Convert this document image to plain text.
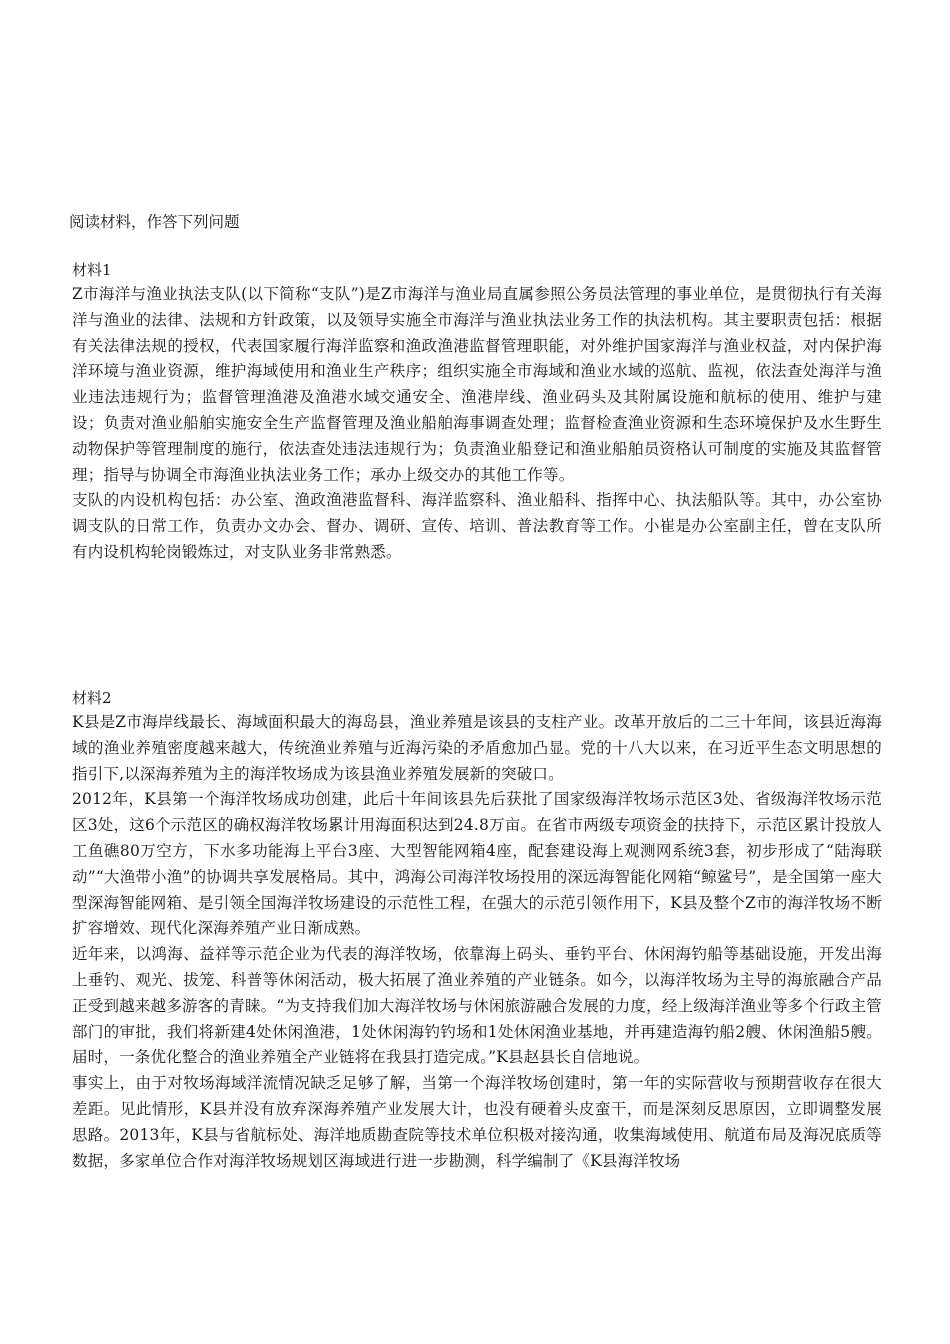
阅读材料，作答下列问题
材料1

Z市海洋与渔业执法支队(以下简称“支队”)是Z市海洋与渔业局直属参照公务员法管理的事业单位，是贯彻执行有关海洋与渔业的法律、法规和方针政策，以及领导实施全市海洋与渔业执法业务工作的执法机构。其主要职责包括：根据有关法律法规的授权，代表国家履行海洋监察和渔政渔港监督管理职能，对外维护国家海洋与渔业权益，对内保护海洋环境与渔业资源，维护海域使用和渔业生产秩序；组织实施全市海域和渔业水域的巡航、监视，依法查处海洋与渔业违法违规行为；监督管理渔港及渔港水域交通安全、渔港岸线、渔业码头及其附属设施和航标的使用、维护与建设；负责对渔业船舶实施安全生产监督管理及渔业船舶海事调查处理；监督检查渔业资源和生态环境保护及水生野生动物保护等管理制度的施行，依法查处违法违规行为；负责渔业船登记和渔业船舶员资格认可制度的实施及其监督管理；指导与协调全市海渔业执法业务工作；承办上级交办的其他工作等。

支队的内设机构包括：办公室、渔政渔港监督科、海洋监察科、渔业船科、指挥中心、执法船队等。其中，办公室协调支队的日常工作，负责办文办会、督办、调研、宣传、培训、普法教育等工作。小崔是办公室副主任，曾在支队所有内设机构轮岗锻炼过，对支队业务非常熟悉。

材料2

K县是Z市海岸线最长、海域面积最大的海岛县，渔业养殖是该县的支柱产业。改革开放后的二三十年间，该县近海海域的渔业养殖密度越来越大，传统渔业养殖与近海污染的矛盾愈加凸显。党的十八大以来，在习近平生态文明思想的指引下,以深海养殖为主的海洋牧场成为该县渔业养殖发展新的突破口。

2012年，K县第一个海洋牧场成功创建，此后十年间该县先后获批了国家级海洋牧场示范区3处、省级海洋牧场示范区3处，这6个示范区的确权海洋牧场累计用海面积达到24.8万亩。在省市两级专项资金的扶持下，示范区累计投放人工鱼礁80万空方，下水多功能海上平台3座、大型智能网箱4座，配套建设海上观测网系统3套，初步形成了“陆海联动”“大渔带小渔”的协调共享发展格局。其中，鸿海公司海洋牧场投用的深远海智能化网箱“鲸鲨号”，是全国第一座大型深海智能网箱、是引领全国海洋牧场建设的示范性工程，在强大的示范引领作用下，K县及整个Z市的海洋牧场不断扩容增效、现代化深海养殖产业日渐成熟。

近年来，以鸿海、益祥等示范企业为代表的海洋牧场，依靠海上码头、垂钓平台、休闲海钓船等基础设施，开发出海上垂钓、观光、拔笼、科普等休闲活动，极大拓展了渔业养殖的产业链条。如今，以海洋牧场为主导的海旅融合产品正受到越来越多游客的青睐。“为支持我们加大海洋牧场与休闲旅游融合发展的力度，经上级海洋渔业等多个行政主管部门的审批，我们将新建4处休闲渔港，1处休闲海钓钓场和1处休闲渔业基地，并再建造海钓船2艘、休闲渔船5艘。届时，一条优化整合的渔业养殖全产业链将在我县打造完成。”K县赵县长自信地说。

事实上，由于对牧场海域洋流情况缺乏足够了解，当第一个海洋牧场创建时，第一年的实际营收与预期营收存在很大差距。见此情形，K县并没有放弃深海养殖产业发展大计，也没有硬着头皮蛮干，而是深刻反思原因，立即调整发展思路。2013年，K县与省航标处、海洋地质勘查院等技术单位积极对接沟通，收集海域使用、航道布局及海况底质等数据，多家单位合作对海洋牧场规划区海域进行进一步勘测，科学编制了《K县海洋牧场
